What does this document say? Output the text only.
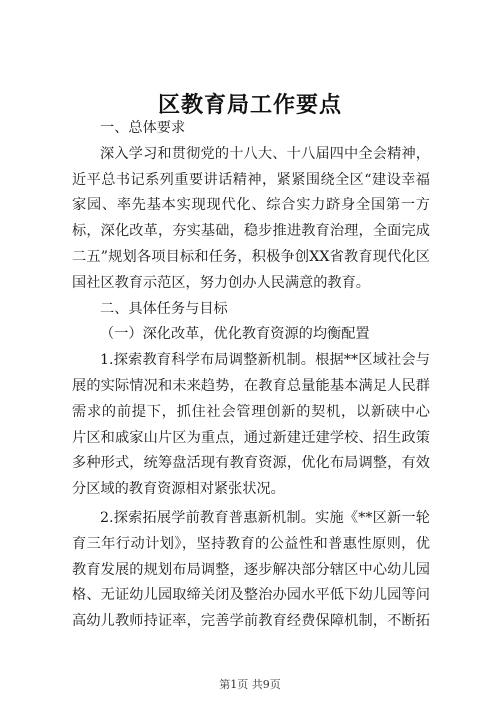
区教育局工作要点
一、总体要求
深入学习和贯彻党的十八大、十八届四中全会精神，
近平总书记系列重要讲话精神，紧紧围绕全区“建设幸福
家园、率先基本实现现代化、综合实力跻身全国第一方
标，深化改革，夯实基础，稳步推进教育治理，全面完成
二五”规划各项目标和任务，积极争创XX省教育现代化区
国社区教育示范区，努力创办人民满意的教育。
二、具体任务与目标
（一）深化改革，优化教育资源的均衡配置
1.探索教育科学布局调整新机制。根据**区域社会与
展的实际情况和未来趋势，在教育总量能基本满足人民群
需求的前提下，抓住社会管理创新的契机，以新硖中心
片区和戚家山片区为重点，通过新建迁建学校、招生政策
多种形式，统筹盘活现有教育资源，优化布局调整，有效
分区域的教育资源相对紧张状况。
2.探索拓展学前教育普惠新机制。实施《**区新一轮
育三年行动计划》，坚持教育的公益性和普惠性原则，优
教育发展的规划布局调整，逐步解决部分辖区中心幼儿园
格、无证幼儿园取缔关闭及整治办园水平低下幼儿园等问
高幼儿教师持证率，完善学前教育经费保障机制，不断拓
第1页 共9页
